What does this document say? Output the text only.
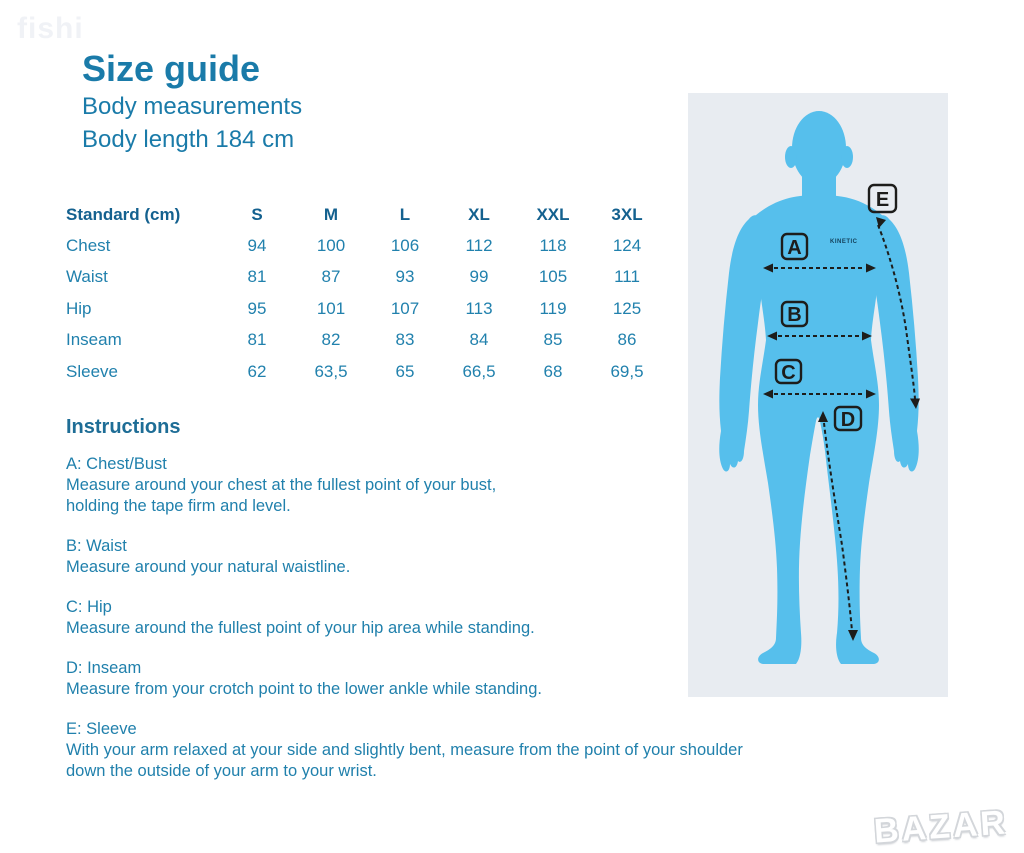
fishi
Size guide
Body measurements
Body length 184 cm
Standard (cm)	S	M	L	XL	XXL	3XL
Chest	94	100	106	112	118	124
Waist	81	87	93	99	105	111
Hip	95	101	107	113	119	125
Inseam	81	82	83	84	85	86
Sleeve	62	63,5	65	66,5	68	69,5
Instructions
A: Chest/Bust
Measure around your chest at the fullest point of your bust,
holding the tape firm and level.
B: Waist
Measure around your natural waistline.
C: Hip
Measure around the fullest point of your hip area while standing.
D: Inseam
Measure from your crotch point to the lower ankle while standing.
E: Sleeve
With your arm relaxed at your side and slightly bent, measure from the point of your shoulder
down the outside of your arm to your wrist.
KINETIC
A
B
C
D
E
BAZAR
